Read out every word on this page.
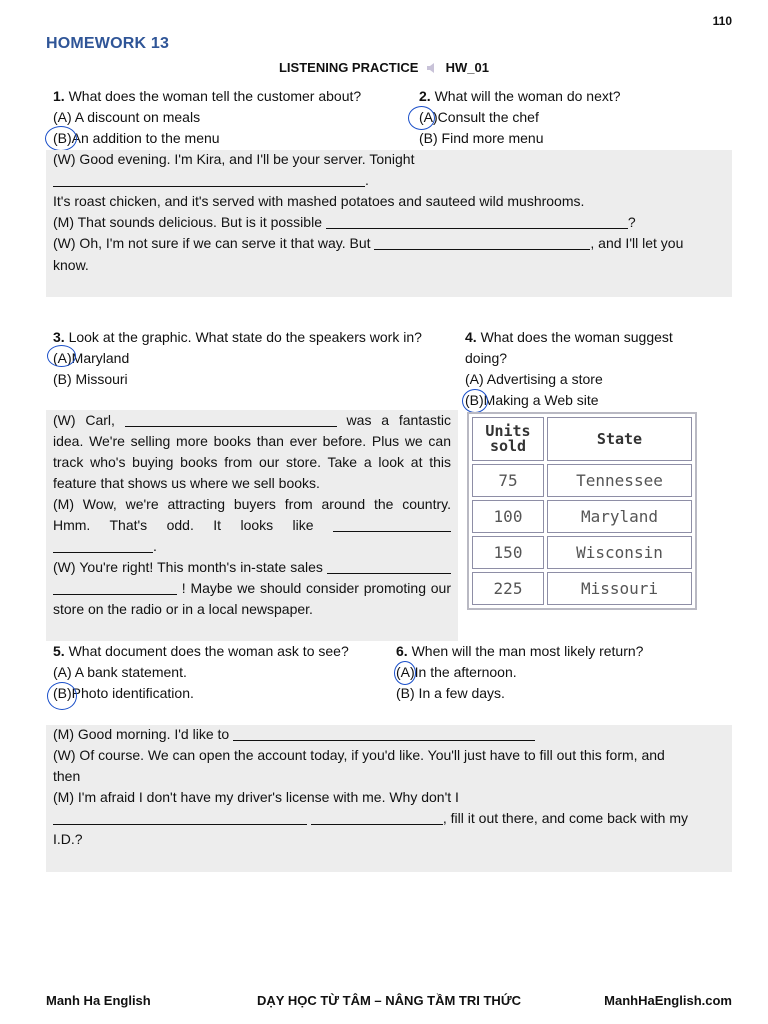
110
HOMEWORK 13
LISTENING PRACTICE HW_01
1. What does the woman tell the customer about?
(A) A discount on meals
(B)An addition to the menu
2. What will the woman do next?
(A)Consult the chef
(B) Find more menu
(W) Good evening. I'm Kira, and I'll be your server. Tonight
.
It's roast chicken, and it's served with mashed potatoes and sauteed wild mushrooms.
(M) That sounds delicious. But is it possible	?
(W) Oh, I'm not sure if we can serve it that way. But	, and I'll let you
know.
3. Look at the graphic. What state do the speakers work in?
(A)Maryland
(B) Missouri
4. What does the woman suggest
doing?
(A) Advertising a store
(B)Making a Web site
(W) Carl,	was a fantastic idea. We're selling more books than ever before. Plus we can track who's buying books from our store. Take a look at this feature that shows us where we sell books.
(M) Wow, we're attracting buyers from around the country. Hmm. That's odd. It looks like  .
(W) You're right! This month's in-state sales   ! Maybe we should consider promoting our store on the radio or in a local newspaper.
Units sold	State
75	Tennessee
100	Maryland
150	Wisconsin
225	Missouri
5. What document does the woman ask to see?
(A) A bank statement.
(B)Photo identification.
6. When will the man most likely return?
(A)In the afternoon.
(B) In a few days.
(M) Good morning. I'd like to
(W) Of course. We can open the account today, if you'd like. You'll just have to fill out this form, and
then
(M) I'm afraid I don't have my driver's license with me. Why don't I
, fill it out there, and come back with my
I.D.?
Manh Ha English	DẠY HỌC TỪ TÂM – NÂNG TẦM TRI THỨC	ManhHaEnglish.com
